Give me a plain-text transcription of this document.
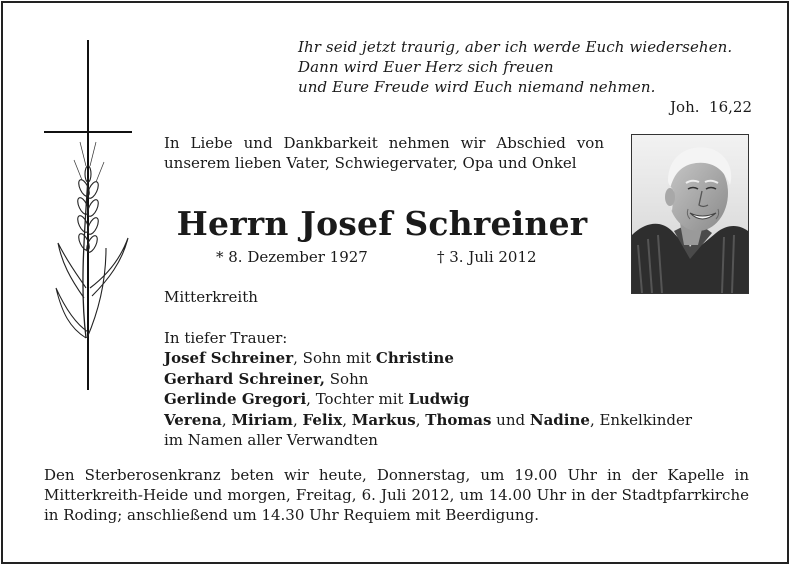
Ihr seid jetzt traurig, aber ich werde Euch wiedersehen.
Dann wird Euer Herz sich freuen
und Eure Freude wird Euch niemand nehmen.
Joh.  16,22
In Liebe und Dankbarkeit nehmen wir Abschied von unserem lieben Vater, Schwiegervater, Opa und Onkel
Herrn Josef Schreiner
* 8. Dezember 1927	† 3. Juli 2012
Mitterkreith
In tiefer Trauer:
Josef Schreiner, Sohn mit Christine
Gerhard Schreiner, Sohn
Gerlinde Gregori, Tochter mit Ludwig
Verena, Miriam, Felix, Markus, Thomas und Nadine, Enkelkinder
im Namen aller Verwandten
Den Sterberosenkranz beten wir heute, Donnerstag, um 19.00 Uhr in der Kapelle in Mitterkreith-Heide und morgen, Freitag, 6. Juli 2012, um 14.00 Uhr in der Stadtpfarrkirche in Roding; anschließend um 14.30 Uhr Requiem mit Beerdigung.
